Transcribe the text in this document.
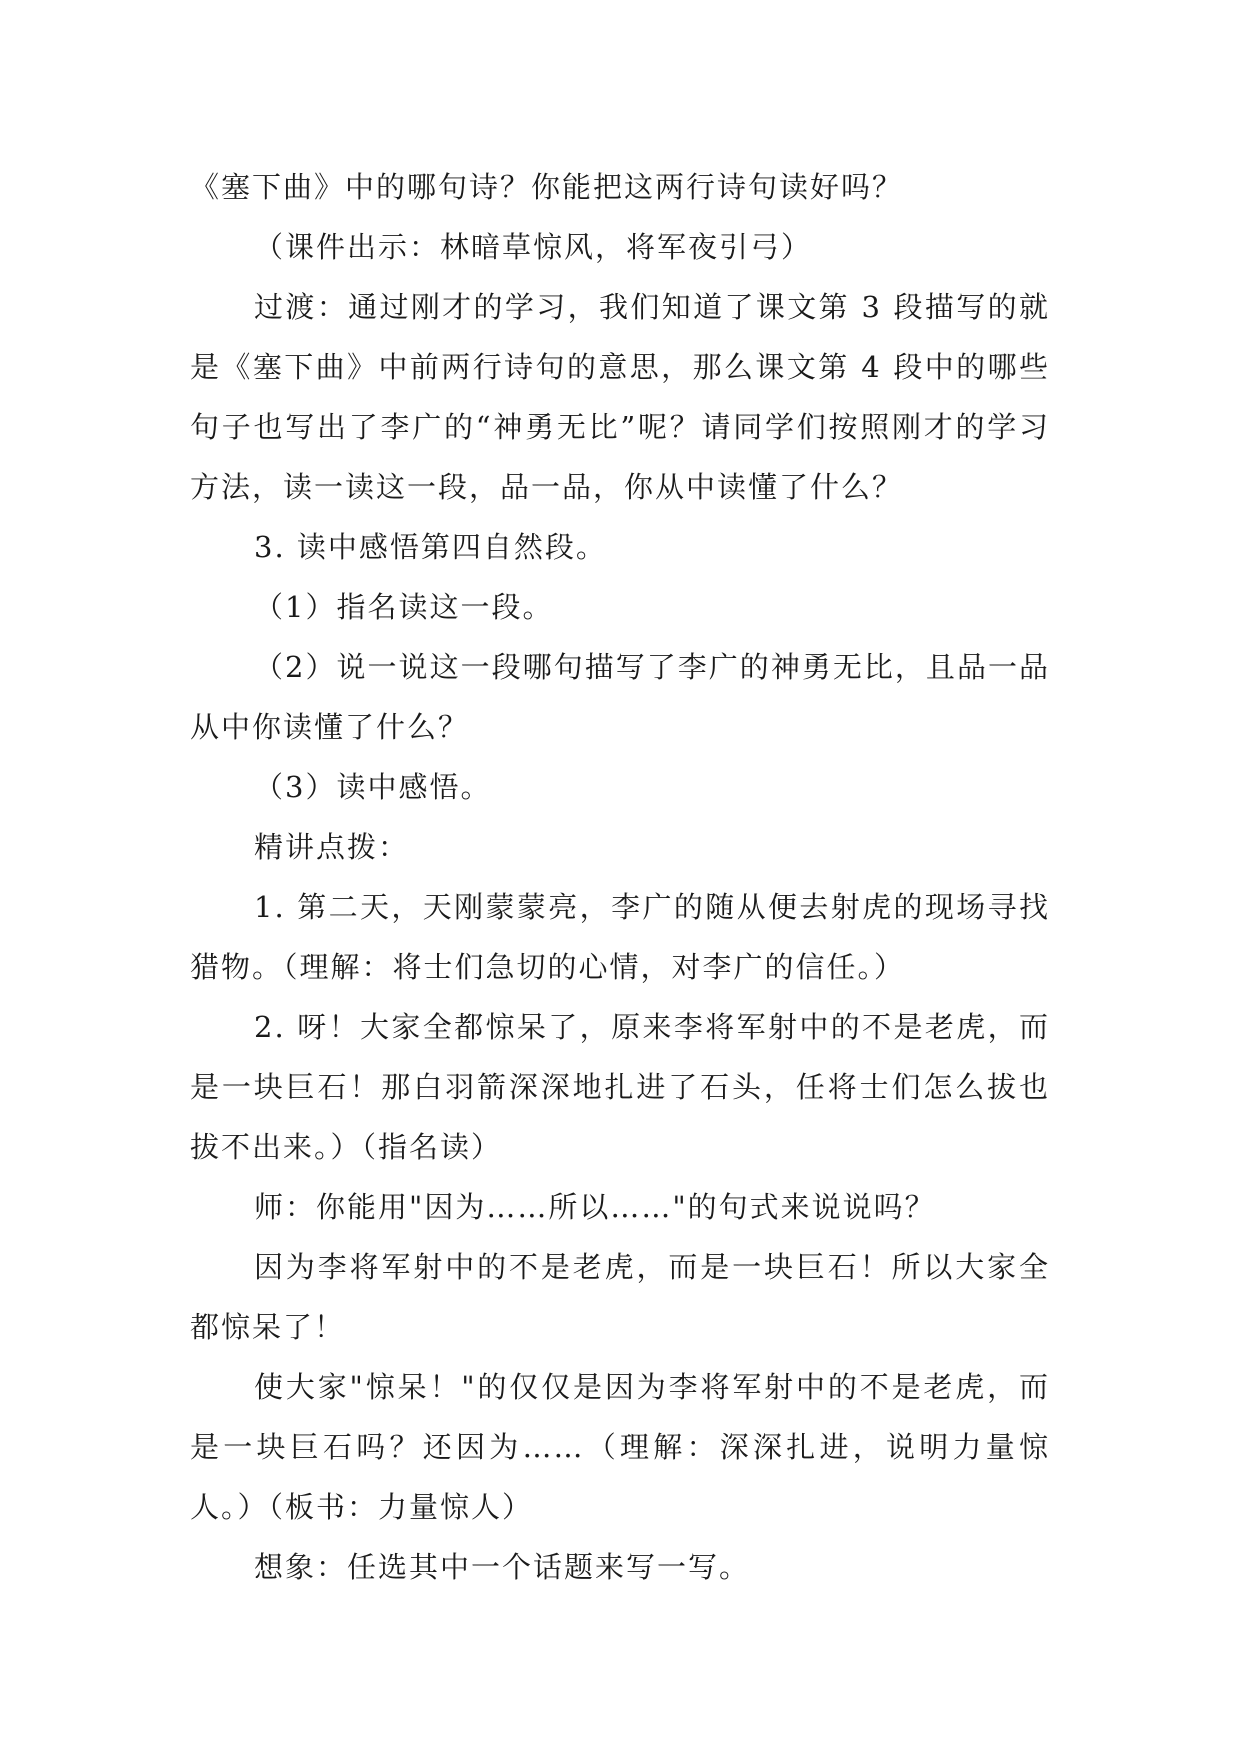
《塞下曲》中的哪句诗？你能把这两行诗句读好吗？

（课件出示：林暗草惊风，将军夜引弓）

过渡：通过刚才的学习，我们知道了课文第 3 段描写的就是《塞下曲》中前两行诗句的意思，那么课文第 4 段中的哪些句子也写出了李广的“神勇无比”呢？请同学们按照刚才的学习方法，读一读这一段，品一品，你从中读懂了什么？

3. 读中感悟第四自然段。

（1）指名读这一段。

（2）说一说这一段哪句描写了李广的神勇无比，且品一品从中你读懂了什么？

（3）读中感悟。

精讲点拨：

1. 第二天，天刚蒙蒙亮，李广的随从便去射虎的现场寻找猎物。（理解：将士们急切的心情，对李广的信任。）

2. 呀！大家全都惊呆了，原来李将军射中的不是老虎，而是一块巨石！那白羽箭深深地扎进了石头，任将士们怎么拔也拔不出来。）（指名读）

师：你能用"因为……所以……"的句式来说说吗？

因为李将军射中的不是老虎，而是一块巨石！所以大家全都惊呆了！

使大家"惊呆！"的仅仅是因为李将军射中的不是老虎，而是一块巨石吗？还因为……（理解：深深扎进，说明力量惊人。）（板书：力量惊人）

想象：任选其中一个话题来写一写。
